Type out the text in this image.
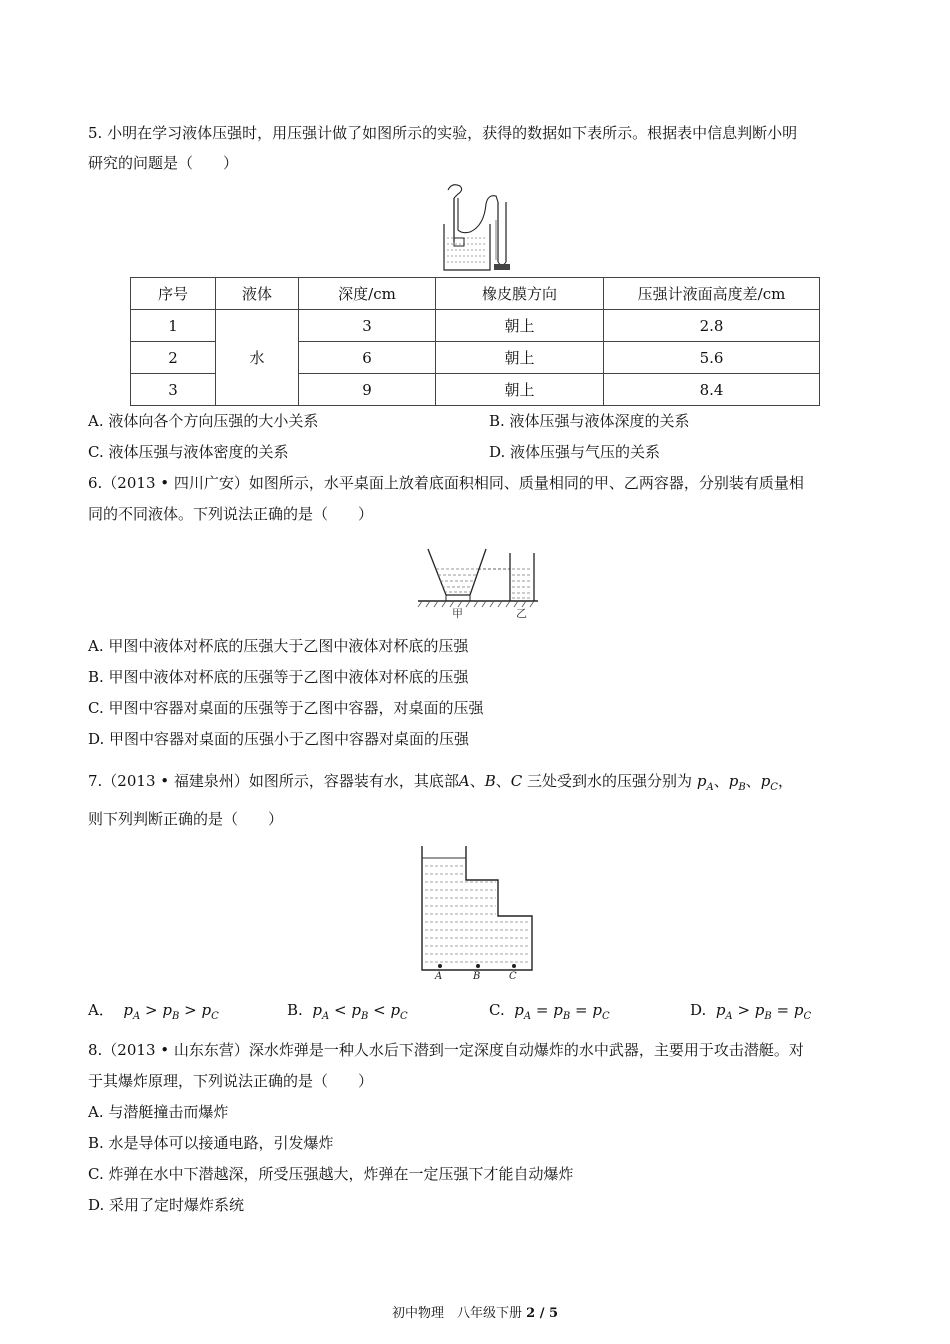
5. 小明在学习液体压强时，用压强计做了如图所示的实验，获得的数据如下表所示。根据表中信息判断小明
研究的问题是（　　）
序号	液体	深度/cm	橡皮膜方向	压强计液面高度差/cm
1	水	3	朝上	2.8
2		6	朝上	5.6
3		9	朝上	8.4
A. 液体向各个方向压强的大小关系	B. 液体压强与液体深度的关系
C. 液体压强与液体密度的关系	D. 液体压强与气压的关系
6.（2013 • 四川广安）如图所示，水平桌面上放着底面积相同、质量相同的甲、乙两容器，分别装有质量相
同的不同液体。下列说法正确的是（　　）
甲	乙
A. 甲图中液体对杯底的压强大于乙图中液体对杯底的压强
B. 甲图中液体对杯底的压强等于乙图中液体对杯底的压强
C. 甲图中容器对桌面的压强等于乙图中容器，对桌面的压强
D. 甲图中容器对桌面的压强小于乙图中容器对桌面的压强
7.（2013 • 福建泉州）如图所示，容器装有水，其底部A、B、C 三处受到水的压强分别为 $p_A$、$p_B$、$p_C$，
则下列判断正确的是（　　）
A	B	C
A． $p_A > p_B > p_C$	B. $p_A < p_B < p_C$	C. $p_A = p_B = p_C$	D. $p_A > p_B = p_C$
8.（2013 • 山东东营）深水炸弹是一种人水后下潜到一定深度自动爆炸的水中武器，主要用于攻击潜艇。对
于其爆炸原理，下列说法正确的是（　　）
A. 与潜艇撞击而爆炸
B. 水是导体可以接通电路，引发爆炸
C. 炸弹在水中下潜越深，所受压强越大，炸弹在一定压强下才能自动爆炸
D. 采用了定时爆炸系统
初中物理　八年级下册 2 / 5
